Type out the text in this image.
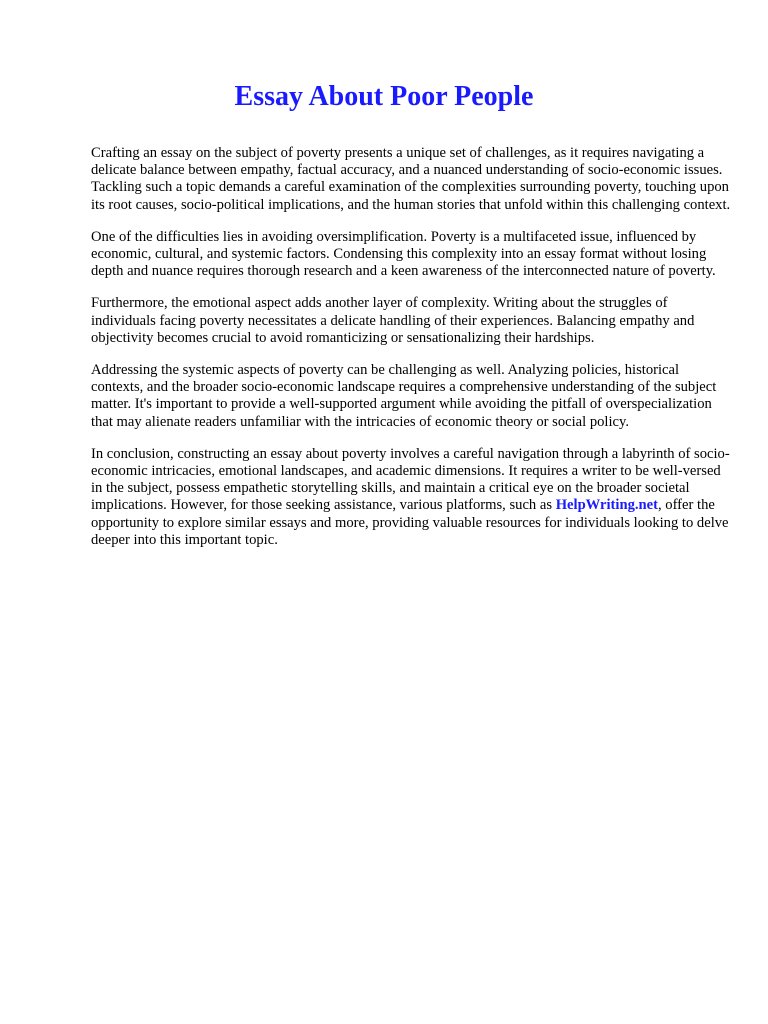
Essay About Poor People

Crafting an essay on the subject of poverty presents a unique set of challenges, as it requires navigating a delicate balance between empathy, factual accuracy, and a nuanced understanding of socio-economic issues. Tackling such a topic demands a careful examination of the complexities surrounding poverty, touching upon its root causes, socio-political implications, and the human stories that unfold within this challenging context.

One of the difficulties lies in avoiding oversimplification. Poverty is a multifaceted issue, influenced by economic, cultural, and systemic factors. Condensing this complexity into an essay format without losing depth and nuance requires thorough research and a keen awareness of the interconnected nature of poverty.

Furthermore, the emotional aspect adds another layer of complexity. Writing about the struggles of individuals facing poverty necessitates a delicate handling of their experiences. Balancing empathy and objectivity becomes crucial to avoid romanticizing or sensationalizing their hardships.

Addressing the systemic aspects of poverty can be challenging as well. Analyzing policies, historical contexts, and the broader socio-economic landscape requires a comprehensive understanding of the subject matter. It's important to provide a well-supported argument while avoiding the pitfall of overspecialization that may alienate readers unfamiliar with the intricacies of economic theory or social policy.

In conclusion, constructing an essay about poverty involves a careful navigation through a labyrinth of socio-economic intricacies, emotional landscapes, and academic dimensions. It requires a writer to be well-versed in the subject, possess empathetic storytelling skills, and maintain a critical eye on the broader societal implications. However, for those seeking assistance, various platforms, such as HelpWriting.net, offer the opportunity to explore similar essays and more, providing valuable resources for individuals looking to delve deeper into this important topic.
